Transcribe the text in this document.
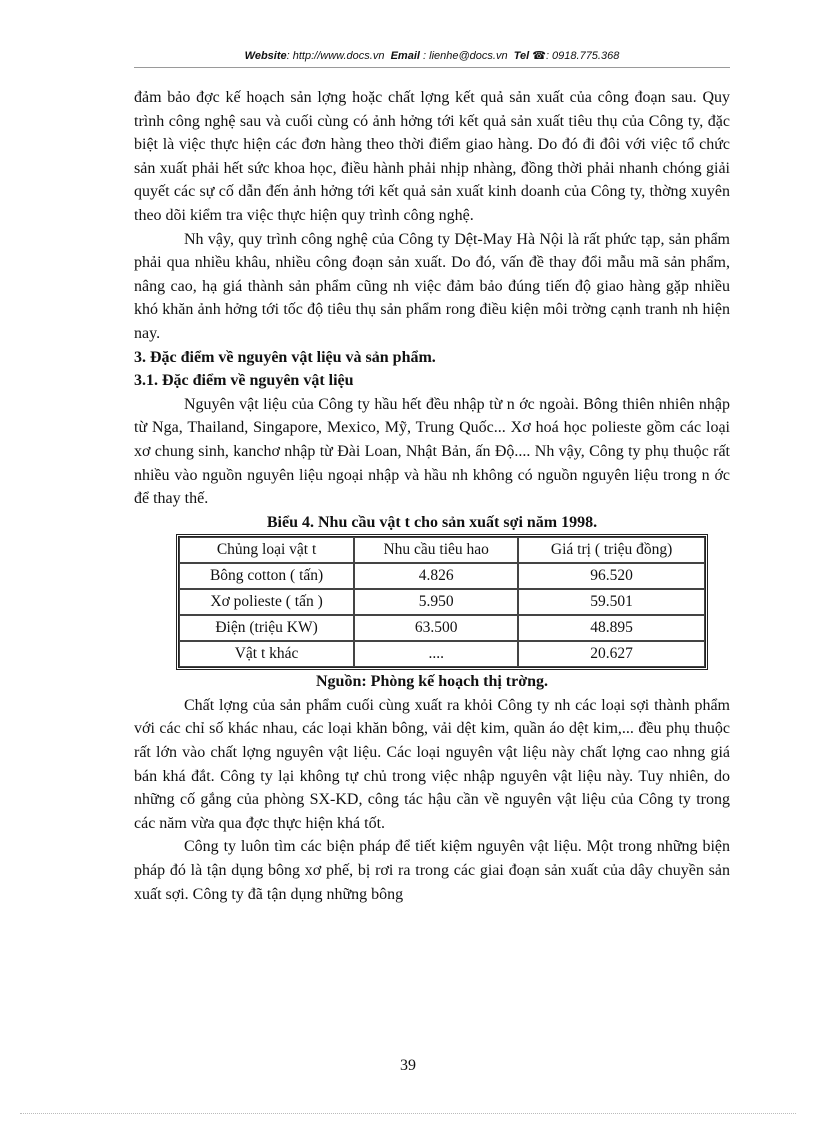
Website: http://www.docs.vn Email : lienhe@docs.vn Tel ☎: 0918.775.368

đảm bảo đợc kế hoạch sản lợng hoặc chất lợng kết quả sản xuất của công đoạn sau. Quy trình công nghệ sau và cuối cùng có ảnh hởng tới kết quả sản xuất tiêu thụ của Công ty, đặc biệt là việc thực hiện các đơn hàng theo thời điểm giao hàng. Do đó đi đôi với việc tổ chức sản xuất phải hết sức khoa học, điều hành phải nhịp nhàng, đồng thời phải nhanh chóng giải quyết các sự cố dẫn đến ảnh hởng tới kết quả sản xuất kinh doanh của Công ty, thờng xuyên theo dõi kiểm tra việc thực hiện quy trình công nghệ.

Nh vậy, quy trình công nghệ của Công ty Dệt-May Hà Nội là rất phức tạp, sản phẩm phải qua nhiều khâu, nhiều công đoạn sản xuất. Do đó, vấn đề thay đổi mẫu mã sản phẩm, nâng cao, hạ giá thành sản phẩm cũng nh việc đảm bảo đúng tiến độ giao hàng gặp nhiều khó khăn ảnh hởng tới tốc độ tiêu thụ sản phẩm rong điều kiện môi trờng cạnh tranh nh hiện nay.

3. Đặc điểm về nguyên vật liệu và sản phẩm.

3.1. Đặc điểm về nguyên vật liệu

Nguyên vật liệu của Công ty hầu hết đều nhập từ n ớc ngoài. Bông thiên nhiên nhập từ Nga, Thailand, Singapore, Mexico, Mỹ, Trung Quốc... Xơ hoá học polieste gồm các loại xơ chung sinh, kanchơ nhập từ Đài Loan, Nhật Bản, ấn Độ.... Nh vậy, Công ty phụ thuộc rất nhiều vào nguồn nguyên liệu ngoại nhập và hầu nh không có nguồn nguyên liệu trong n ớc để thay thế.

Biểu 4. Nhu cầu vật t cho sản xuất sợi năm 1998.

Chủng loại vật t	Nhu cầu tiêu hao	Giá trị ( triệu đồng)
Bông cotton ( tấn)	4.826	96.520
Xơ polieste ( tấn )	5.950	59.501
Điện (triệu KW)	63.500	48.895
Vật t khác	....	20.627

Nguồn: Phòng kế hoạch thị trờng.

Chất lợng của sản phẩm cuối cùng xuất ra khỏi Công ty nh các loại sợi thành phẩm với các chỉ số khác nhau, các loại khăn bông, vải dệt kim, quần áo dệt kim,... đều phụ thuộc rất lớn vào chất lợng nguyên vật liệu. Các loại nguyên vật liệu này chất lợng cao nhng giá bán khá đắt. Công ty lại không tự chủ trong việc nhập nguyên vật liệu này. Tuy nhiên, do những cố gắng của phòng SX-KD, công tác hậu cần về nguyên vật liệu của Công ty trong các năm vừa qua đợc thực hiện khá tốt.

Công ty luôn tìm các biện pháp để tiết kiệm nguyên vật liệu. Một trong những biện pháp đó là tận dụng bông xơ phế, bị rơi ra trong các giai đoạn sản xuất của dây chuyền sản xuất sợi. Công ty đã tận dụng những bông

39
